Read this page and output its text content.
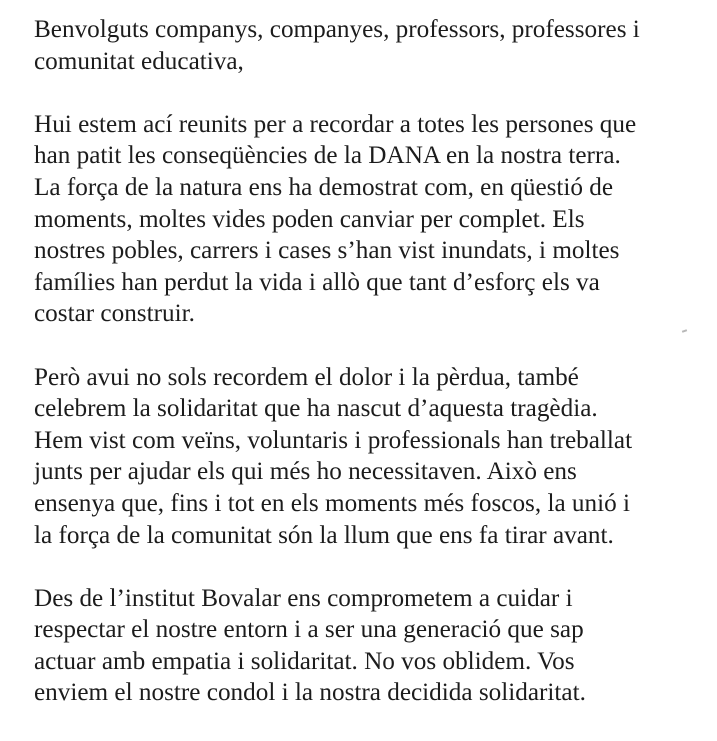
Benvolguts companys, companyes, professors, professores i
comunitat educativa,

Hui estem ací reunits per a recordar a totes les persones que
han patit les conseqüències de la DANA en la nostra terra.
La força de la natura ens ha demostrat com, en qüestió de
moments, moltes vides poden canviar per complet. Els
nostres pobles, carrers i cases s’han vist inundats, i moltes
famílies han perdut la vida i allò que tant d’esforç els va
costar construir.

Però avui no sols recordem el dolor i la pèrdua, també
celebrem la solidaritat que ha nascut d’aquesta tragèdia.
Hem vist com veïns, voluntaris i professionals han treballat
junts per ajudar els qui més ho necessitaven. Això ens
ensenya que, fins i tot en els moments més foscos, la unió i
la força de la comunitat són la llum que ens fa tirar avant.

Des de l’institut Bovalar ens comprometem a cuidar i
respectar el nostre entorn i a ser una generació que sap
actuar amb empatia i solidaritat. No vos oblidem. Vos
enviem el nostre condol i la nostra decidida solidaritat.
